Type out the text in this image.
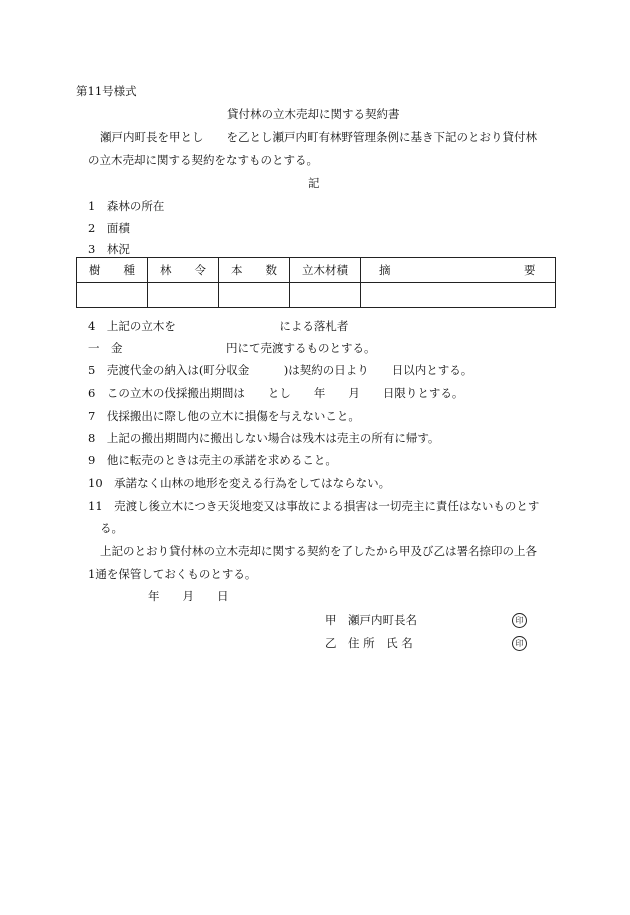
第11号様式
貸付林の立木売却に関する契約書
瀬戸内町長を甲とし　　を乙とし瀬戸内町有林野管理条例に基き下記のとおり貸付林
の立木売却に関する契約をなすものとする。
記
1　森林の所在
2　面積
3　林況
樹　　種	林　　令	本　　数	立木材積	摘 要

4　上記の立木を　　　　　　　　　による落札者
一　金　　　　　　　　　円にて売渡するものとする。
5　売渡代金の納入は(町分収金　　　)は契約の日より　　日以内とする。
6　この立木の伐採搬出期間は　　とし　　年　　月　　日限りとする。
7　伐採搬出に際し他の立木に損傷を与えないこと。
8　上記の搬出期間内に搬出しない場合は残木は売主の所有に帰す。
9　他に転売のときは売主の承諾を求めること。
10　承諾なく山林の地形を変える行為をしてはならない。
11　売渡し後立木につき天災地変又は事故による損害は一切売主に責任はないものとす
る。
上記のとおり貸付林の立木売却に関する契約を了したから甲及び乙は署名捺印の上各
1通を保管しておくものとする。
年　　月　　日
甲　瀬戸内町長名	印
乙　住 所　氏 名	印
